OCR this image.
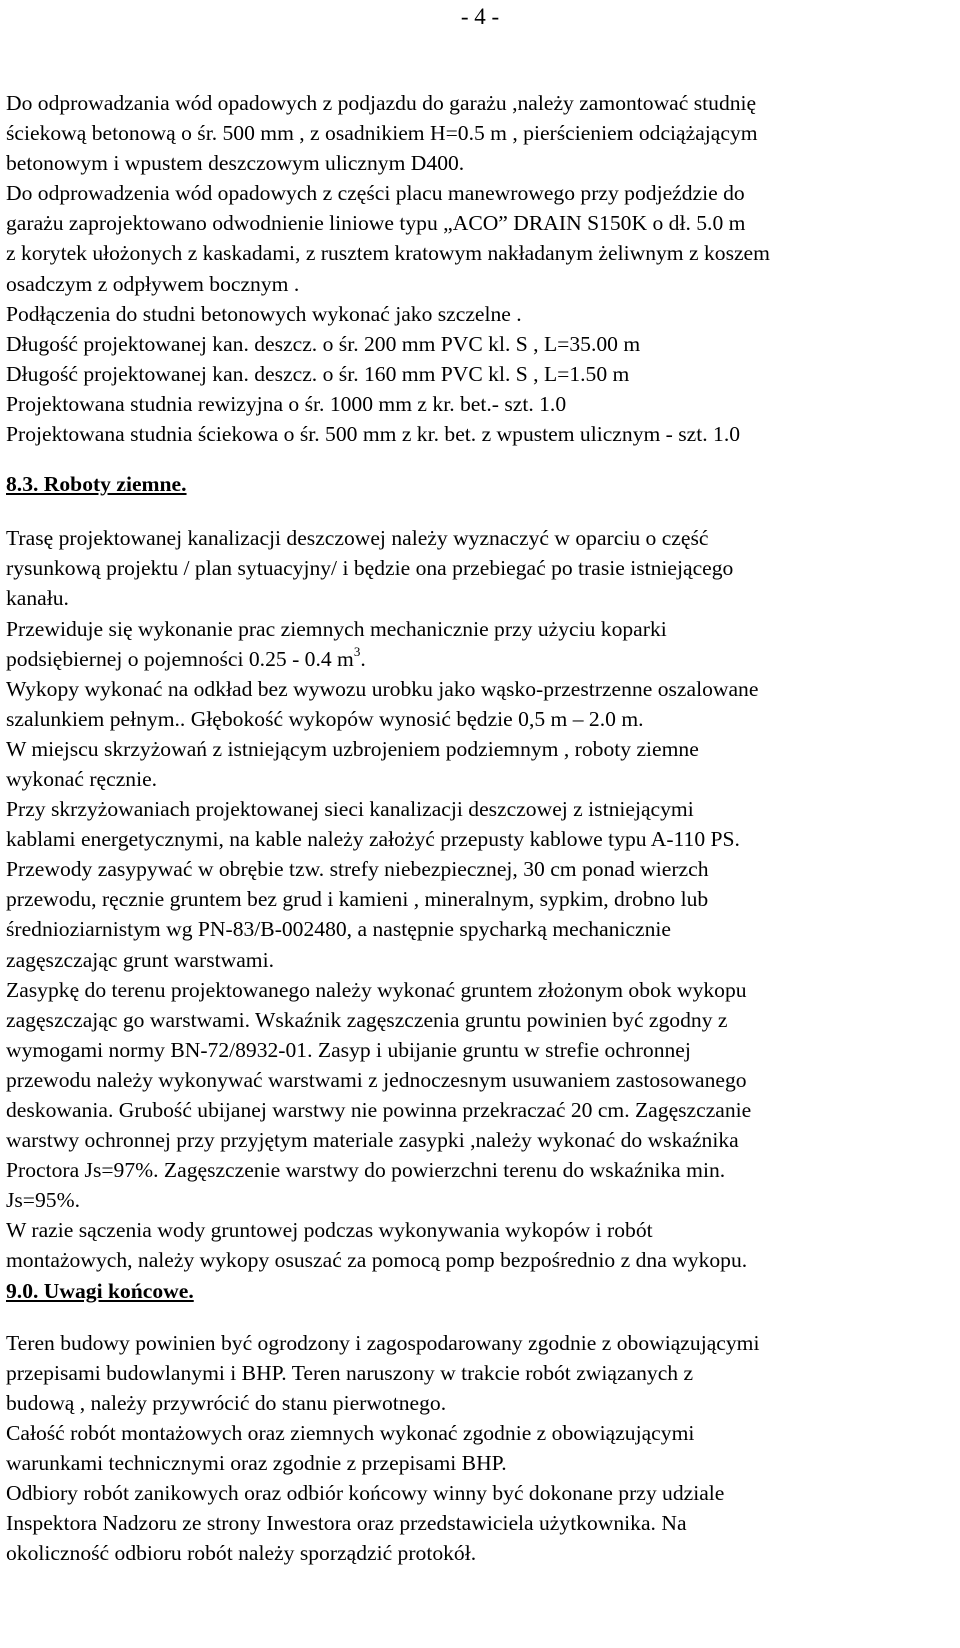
- 4 -
Do odprowadzania wód opadowych z podjazdu do garażu ,należy zamontować studnię
ściekową betonową o śr. 500 mm , z osadnikiem H=0.5 m , pierścieniem odciążającym
betonowym i wpustem deszczowym ulicznym D400.
Do odprowadzenia wód opadowych z części placu manewrowego przy podjeździe do
garażu zaprojektowano odwodnienie liniowe typu „ACO” DRAIN S150K o dł. 5.0 m
z korytek ułożonych z kaskadami, z rusztem kratowym nakładanym żeliwnym z koszem
osadczym z odpływem bocznym .
Podłączenia do studni betonowych wykonać jako szczelne .
Długość projektowanej kan. deszcz. o śr. 200 mm PVC kl. S , L=35.00 m
Długość projektowanej kan. deszcz. o śr. 160 mm PVC kl. S , L=1.50 m
Projektowana studnia rewizyjna o śr. 1000 mm z kr. bet.- szt. 1.0
Projektowana studnia ściekowa o śr. 500 mm z kr. bet. z wpustem ulicznym - szt. 1.0
8.3. Roboty ziemne.
Trasę projektowanej kanalizacji deszczowej należy wyznaczyć w oparciu o część
rysunkową projektu / plan sytuacyjny/ i będzie ona przebiegać po trasie istniejącego
kanału.
Przewiduje się wykonanie prac ziemnych mechanicznie przy użyciu koparki
podsiębiernej o pojemności 0.25 - 0.4 $m^3$.
Wykopy wykonać na odkład bez wywozu urobku jako wąsko-przestrzenne oszalowane
szalunkiem pełnym.. Głębokość wykopów wynosić będzie 0,5 m – 2.0 m.
W miejscu skrzyżowań z istniejącym uzbrojeniem podziemnym , roboty ziemne
wykonać ręcznie.
Przy skrzyżowaniach projektowanej sieci kanalizacji deszczowej z istniejącymi
kablami energetycznymi, na kable należy założyć przepusty kablowe typu A-110 PS.
Przewody zasypywać w obrębie tzw. strefy niebezpiecznej, 30 cm ponad wierzch
przewodu, ręcznie gruntem bez grud i kamieni , mineralnym, sypkim, drobno lub
średnioziarnistym wg PN-83/B-002480, a następnie spycharką mechanicznie
zagęszczając grunt warstwami.
Zasypkę do terenu projektowanego należy wykonać gruntem złożonym obok wykopu
zagęszczając go warstwami. Wskaźnik zagęszczenia gruntu powinien być zgodny z
wymogami normy BN-72/8932-01. Zasyp i ubijanie gruntu w strefie ochronnej
przewodu należy wykonywać warstwami z jednoczesnym usuwaniem zastosowanego
deskowania. Grubość ubijanej warstwy nie powinna przekraczać 20 cm. Zagęszczanie
warstwy ochronnej przy przyjętym materiale zasypki ,należy wykonać do wskaźnika
Proctora Js=97%. Zagęszczenie warstwy do powierzchni terenu do wskaźnika min.
Js=95%.
W razie sączenia wody gruntowej podczas wykonywania wykopów i robót
montażowych, należy wykopy osuszać za pomocą pomp bezpośrednio z dna wykopu.
9.0. Uwagi końcowe.
Teren budowy powinien być ogrodzony i zagospodarowany zgodnie z obowiązującymi
przepisami budowlanymi i BHP. Teren naruszony w trakcie robót związanych z
budową , należy przywrócić do stanu pierwotnego.
Całość robót montażowych oraz ziemnych wykonać zgodnie z obowiązującymi
warunkami technicznymi oraz zgodnie z przepisami BHP.
Odbiory robót zanikowych oraz odbiór końcowy winny być dokonane przy udziale
Inspektora Nadzoru ze strony Inwestora oraz przedstawiciela użytkownika. Na
okoliczność odbioru robót należy sporządzić protokół.
